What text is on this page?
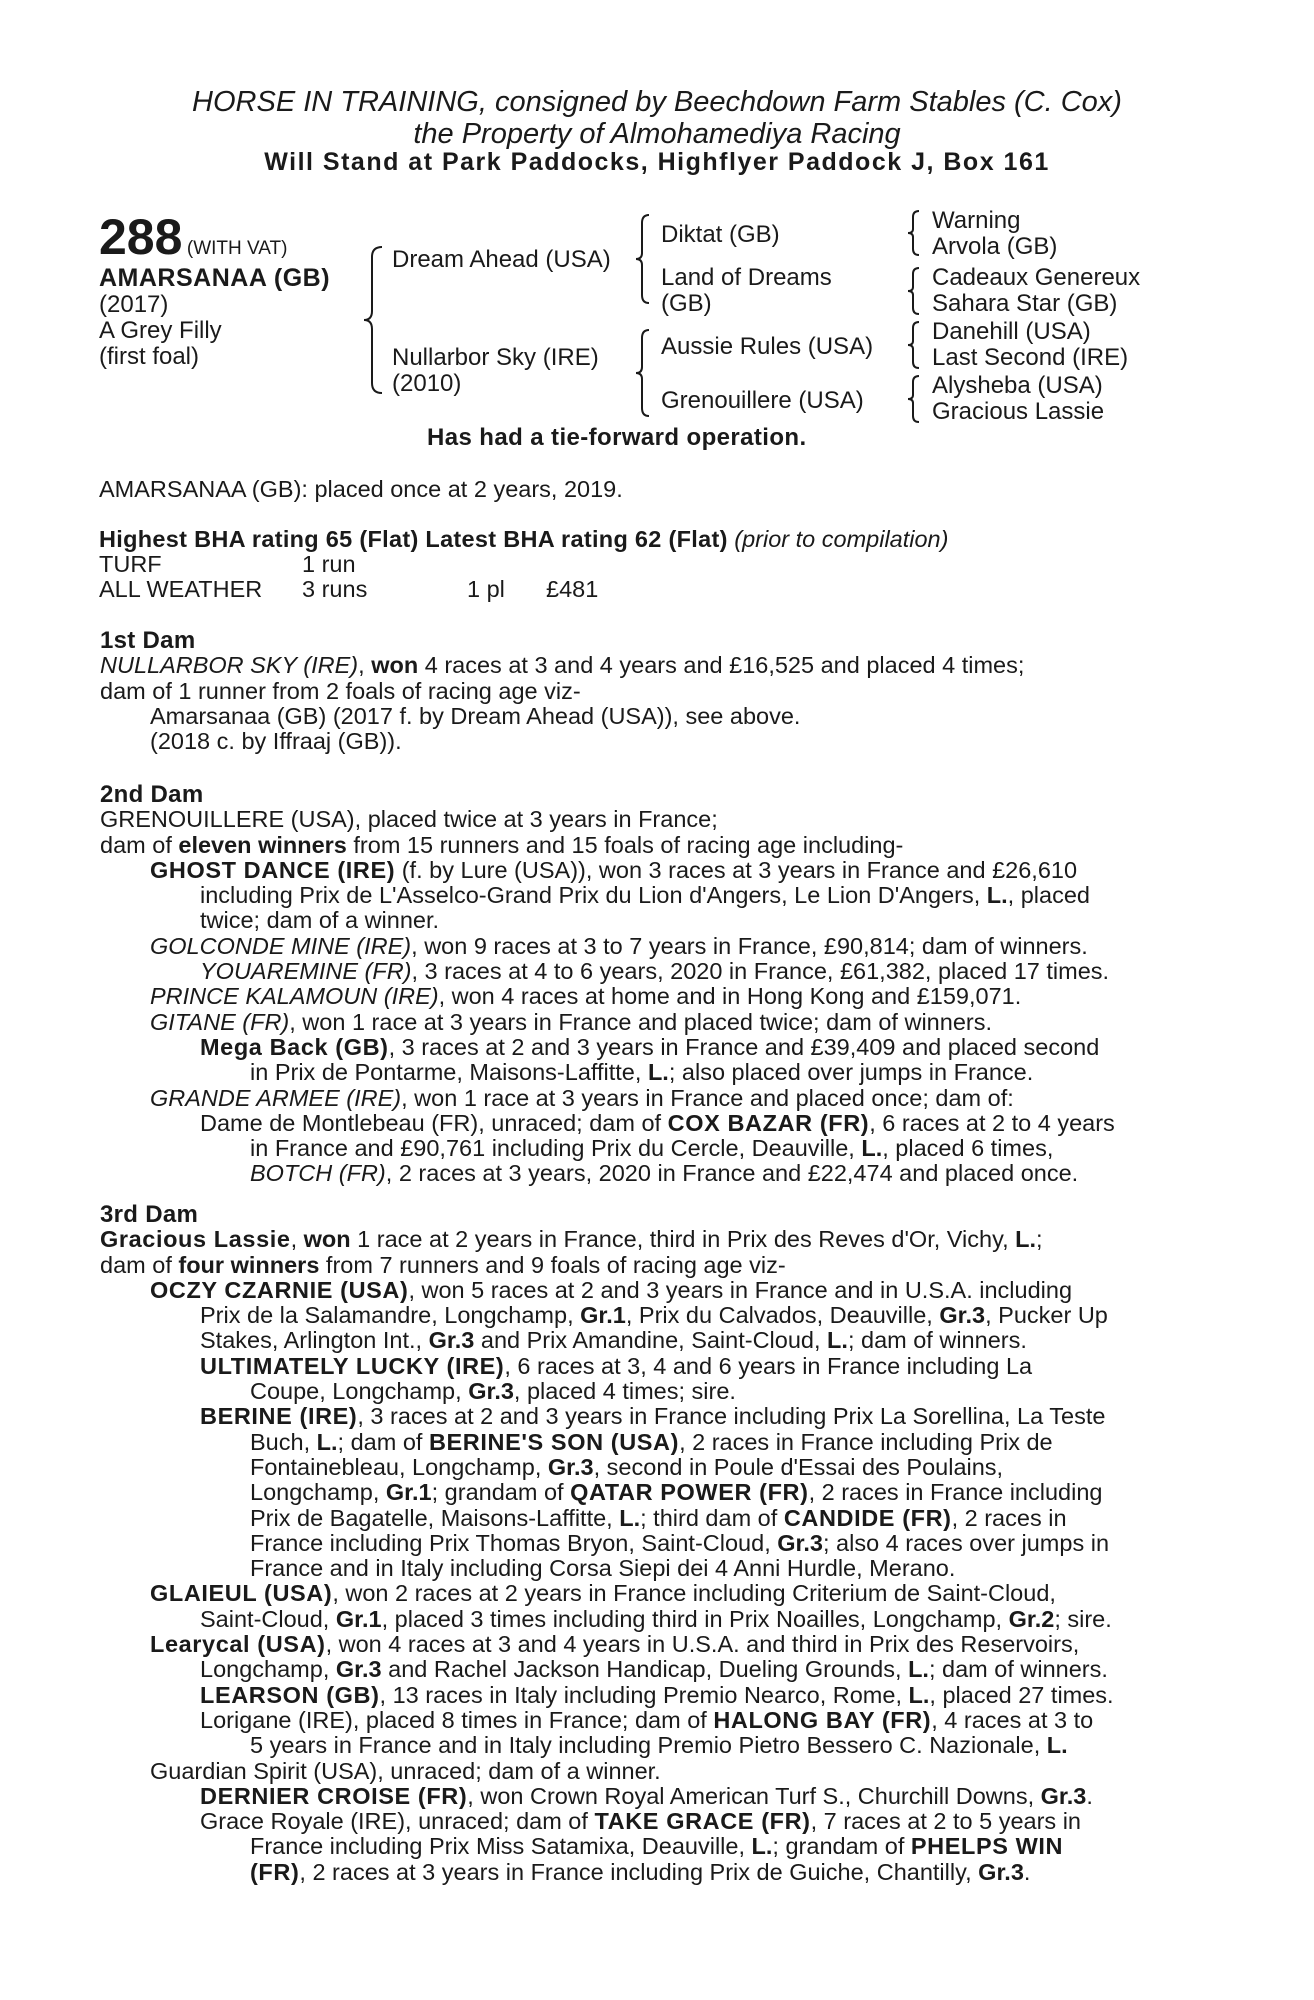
HORSE IN TRAINING, consigned by Beechdown Farm Stables (C. Cox)
the Property of Almohamediya Racing
Will Stand at Park Paddocks, Highflyer Paddock J, Box 161
288 (WITH VAT)
AMARSANAA (GB)
(2017)
A Grey Filly
(first foal)
Dream Ahead (USA)
Nullarbor Sky (IRE)
(2010)
Diktat (GB)
Land of Dreams
(GB)
Aussie Rules (USA)
Grenouillere (USA)
Warning
Arvola (GB)
Cadeaux Genereux
Sahara Star (GB)
Danehill (USA)
Last Second (IRE)
Alysheba (USA)
Gracious Lassie
Has had a tie-forward operation.
AMARSANAA (GB): placed once at 2 years, 2019.
Highest BHA rating 65 (Flat) Latest BHA rating 62 (Flat) (prior to compilation)
TURF	1 run
ALL WEATHER 3 runs	1 pl £481
1st Dam
NULLARBOR SKY (IRE), won 4 races at 3 and 4 years and £16,525 and placed 4 times;
dam of 1 runner from 2 foals of racing age viz-
Amarsanaa (GB) (2017 f. by Dream Ahead (USA)), see above.
(2018 c. by Iffraaj (GB)).
2nd Dam
GRENOUILLERE (USA), placed twice at 3 years in France;
dam of eleven winners from 15 runners and 15 foals of racing age including-
GHOST DANCE (IRE) (f. by Lure (USA)), won 3 races at 3 years in France and £26,610
including Prix de L'Asselco-Grand Prix du Lion d'Angers, Le Lion D'Angers, L., placed
twice; dam of a winner.
GOLCONDE MINE (IRE), won 9 races at 3 to 7 years in France, £90,814; dam of winners.
YOUAREMINE (FR), 3 races at 4 to 6 years, 2020 in France, £61,382, placed 17 times.
PRINCE KALAMOUN (IRE), won 4 races at home and in Hong Kong and £159,071.
GITANE (FR), won 1 race at 3 years in France and placed twice; dam of winners.
Mega Back (GB), 3 races at 2 and 3 years in France and £39,409 and placed second
in Prix de Pontarme, Maisons-Laffitte, L.; also placed over jumps in France.
GRANDE ARMEE (IRE), won 1 race at 3 years in France and placed once; dam of:
Dame de Montlebeau (FR), unraced; dam of COX BAZAR (FR), 6 races at 2 to 4 years
in France and £90,761 including Prix du Cercle, Deauville, L., placed 6 times,
BOTCH (FR), 2 races at 3 years, 2020 in France and £22,474 and placed once.
3rd Dam
Gracious Lassie, won 1 race at 2 years in France, third in Prix des Reves d'Or, Vichy, L.;
dam of four winners from 7 runners and 9 foals of racing age viz-
OCZY CZARNIE (USA), won 5 races at 2 and 3 years in France and in U.S.A. including
Prix de la Salamandre, Longchamp, Gr.1, Prix du Calvados, Deauville, Gr.3, Pucker Up
Stakes, Arlington Int., Gr.3 and Prix Amandine, Saint-Cloud, L.; dam of winners.
ULTIMATELY LUCKY (IRE), 6 races at 3, 4 and 6 years in France including La
Coupe, Longchamp, Gr.3, placed 4 times; sire.
BERINE (IRE), 3 races at 2 and 3 years in France including Prix La Sorellina, La Teste
Buch, L.; dam of BERINE'S SON (USA), 2 races in France including Prix de
Fontainebleau, Longchamp, Gr.3, second in Poule d'Essai des Poulains,
Longchamp, Gr.1; grandam of QATAR POWER (FR), 2 races in France including
Prix de Bagatelle, Maisons-Laffitte, L.; third dam of CANDIDE (FR), 2 races in
France including Prix Thomas Bryon, Saint-Cloud, Gr.3; also 4 races over jumps in
France and in Italy including Corsa Siepi dei 4 Anni Hurdle, Merano.
GLAIEUL (USA), won 2 races at 2 years in France including Criterium de Saint-Cloud,
Saint-Cloud, Gr.1, placed 3 times including third in Prix Noailles, Longchamp, Gr.2; sire.
Learycal (USA), won 4 races at 3 and 4 years in U.S.A. and third in Prix des Reservoirs,
Longchamp, Gr.3 and Rachel Jackson Handicap, Dueling Grounds, L.; dam of winners.
LEARSON (GB), 13 races in Italy including Premio Nearco, Rome, L., placed 27 times.
Lorigane (IRE), placed 8 times in France; dam of HALONG BAY (FR), 4 races at 3 to
5 years in France and in Italy including Premio Pietro Bessero C. Nazionale, L.
Guardian Spirit (USA), unraced; dam of a winner.
DERNIER CROISE (FR), won Crown Royal American Turf S., Churchill Downs, Gr.3.
Grace Royale (IRE), unraced; dam of TAKE GRACE (FR), 7 races at 2 to 5 years in
France including Prix Miss Satamixa, Deauville, L.; grandam of PHELPS WIN
(FR), 2 races at 3 years in France including Prix de Guiche, Chantilly, Gr.3.
